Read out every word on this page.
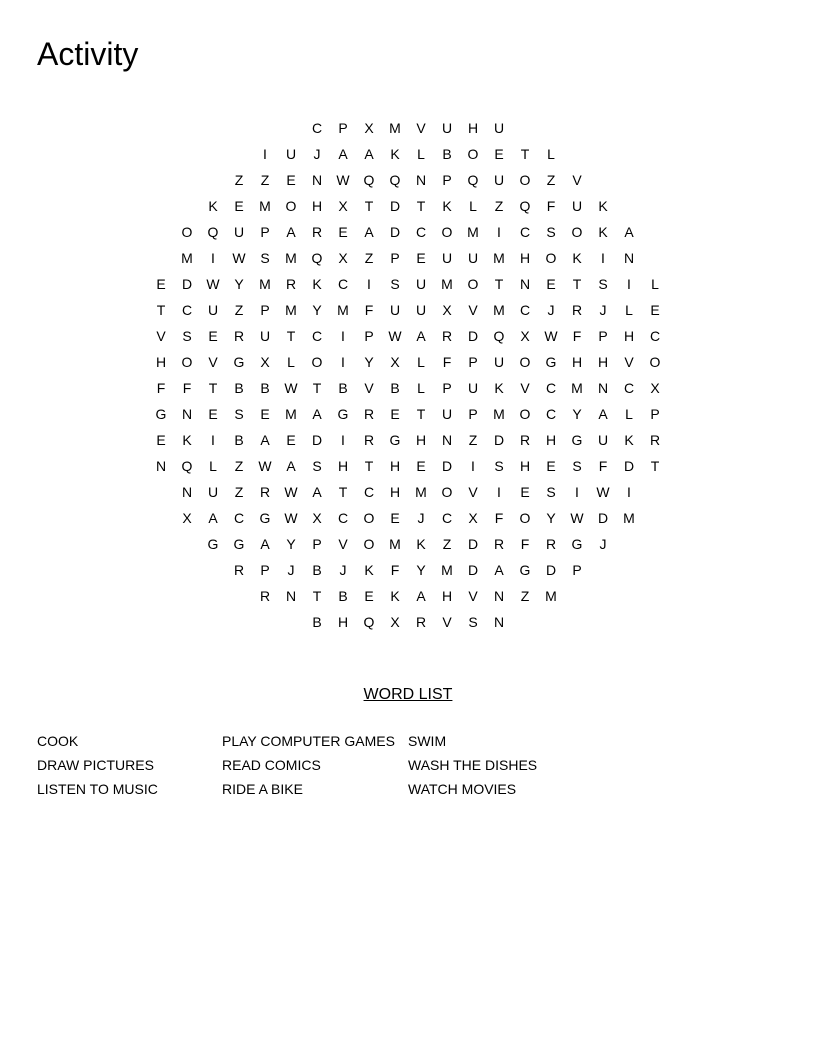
Activity
C	P	X	M	V	U	H	U
I	U	J	A	A	K	L	B	O	E	T	L
Z	Z	E	N	W Q	Q	N	P	Q	U	O	Z	V
K	E	M	O	H	X	T	D	T	K	L	Z	Q	F	U	K
O	Q	U	P	A	R	E	A	D	C	O	M	I	C	S	O	K	A
M	I	W	S	M	Q	X	Z	P	E	U	U	M	H	O	K	I	N
E	D	W	Y	M	R	K	C	I	S	U	M	O	T	N	E	T	S	I	L
T	C	U	Z	P	M	Y	M	F	U	U	X	V	M	C	J	R	J	L	E
V	S	E	R	U	T	C	I	P	W	A	R	D	Q	X	W	F	P	H	C
H	O	V	G	X	L	O	I	Y	X	L	F	P	U	O	G	H	H	V	O
F	F	T	B	B	W	T	B	V	B	L	P	U	K	V	C	M	N	C	X
G	N	E	S	E	M	A	G	R	E	T	U	P	M	O	C	Y	A	L	P
E	K	I	B	A	E	D	I	R	G	H	N	Z	D	R	H	G	U	K	R
N	Q	L	Z	W	A	S	H	T	H	E	D	I	S	H	E	S	F	D	T
N	U	Z	R	W	A	T	C	H	M	O	V	I	E	S	I	W	I
X	A	C	G W	X	C	O	E	J	C	X	F	O	Y	W	D	M
G	G	A	Y	P	V	O	M	K	Z	D	R	F	R	G	J
R	P	J	B	J	K	F	Y	M	D	A	G	D	P
R	N	T	B	E	K	A	H	V	N	Z	M
B	H	Q	X	R	V	S	N
WORD LIST
COOK
DRAW PICTURES
LISTEN TO MUSIC
PLAY COMPUTER GAMES
READ COMICS
RIDE A BIKE
SWIM
WASH THE DISHES
WATCH MOVIES
